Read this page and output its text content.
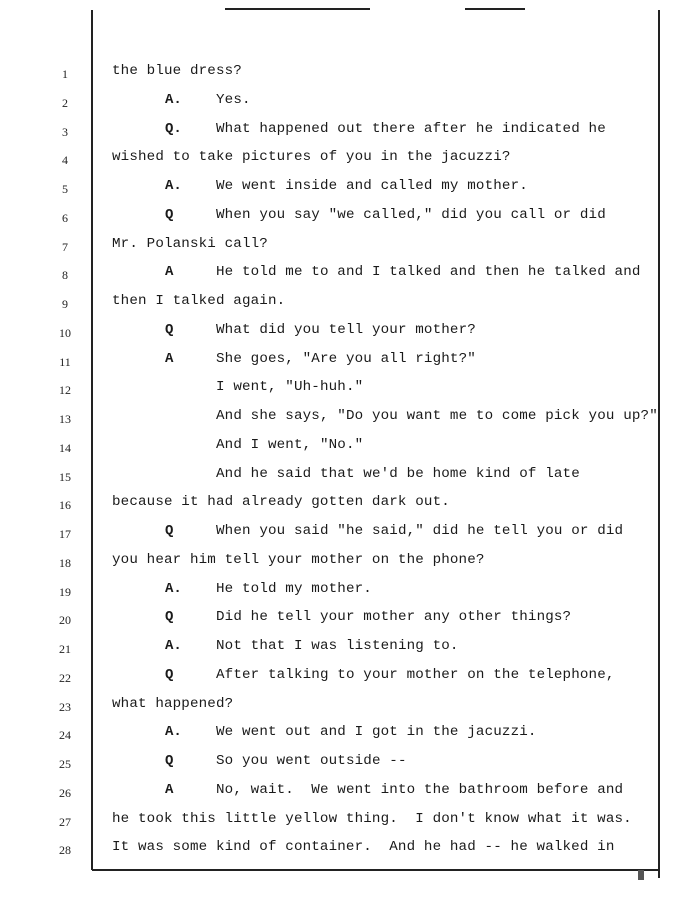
1	the blue dress?
2	A. Yes.
3	Q. What happened out there after he indicated he
4	wished to take pictures of you in the jacuzzi?
5	A. We went inside and called my mother.
6	Q	When you say "we called," did you call or did
7	Mr. Polanski call?
8	A	He told me to and I talked and then he talked and
9	then I talked again.
10	Q	What did you tell your mother?
11	A	She goes, "Are you all right?"
12	I went, "Uh-huh."
13	And she says, "Do you want me to come pick you up?"
14	And I went, "No."
15	And he said that we'd be home kind of late
16	because it had already gotten dark out.
17	Q	When you said "he said," did he tell you or did
18	you hear him tell your mother on the phone?
19	A. He told my mother.
20	Q	Did he tell your mother any other things?
21	A. Not that I was listening to.
22	Q	After talking to your mother on the telephone,
23	what happened?
24	A. We went out and I got in the jacuzzi.
25	Q	So you went outside --
26	A	No, wait.  We went into the bathroom before and
27	he took this little yellow thing.  I don't know what it was.
28	It was some kind of container.  And he had -- he walked in
